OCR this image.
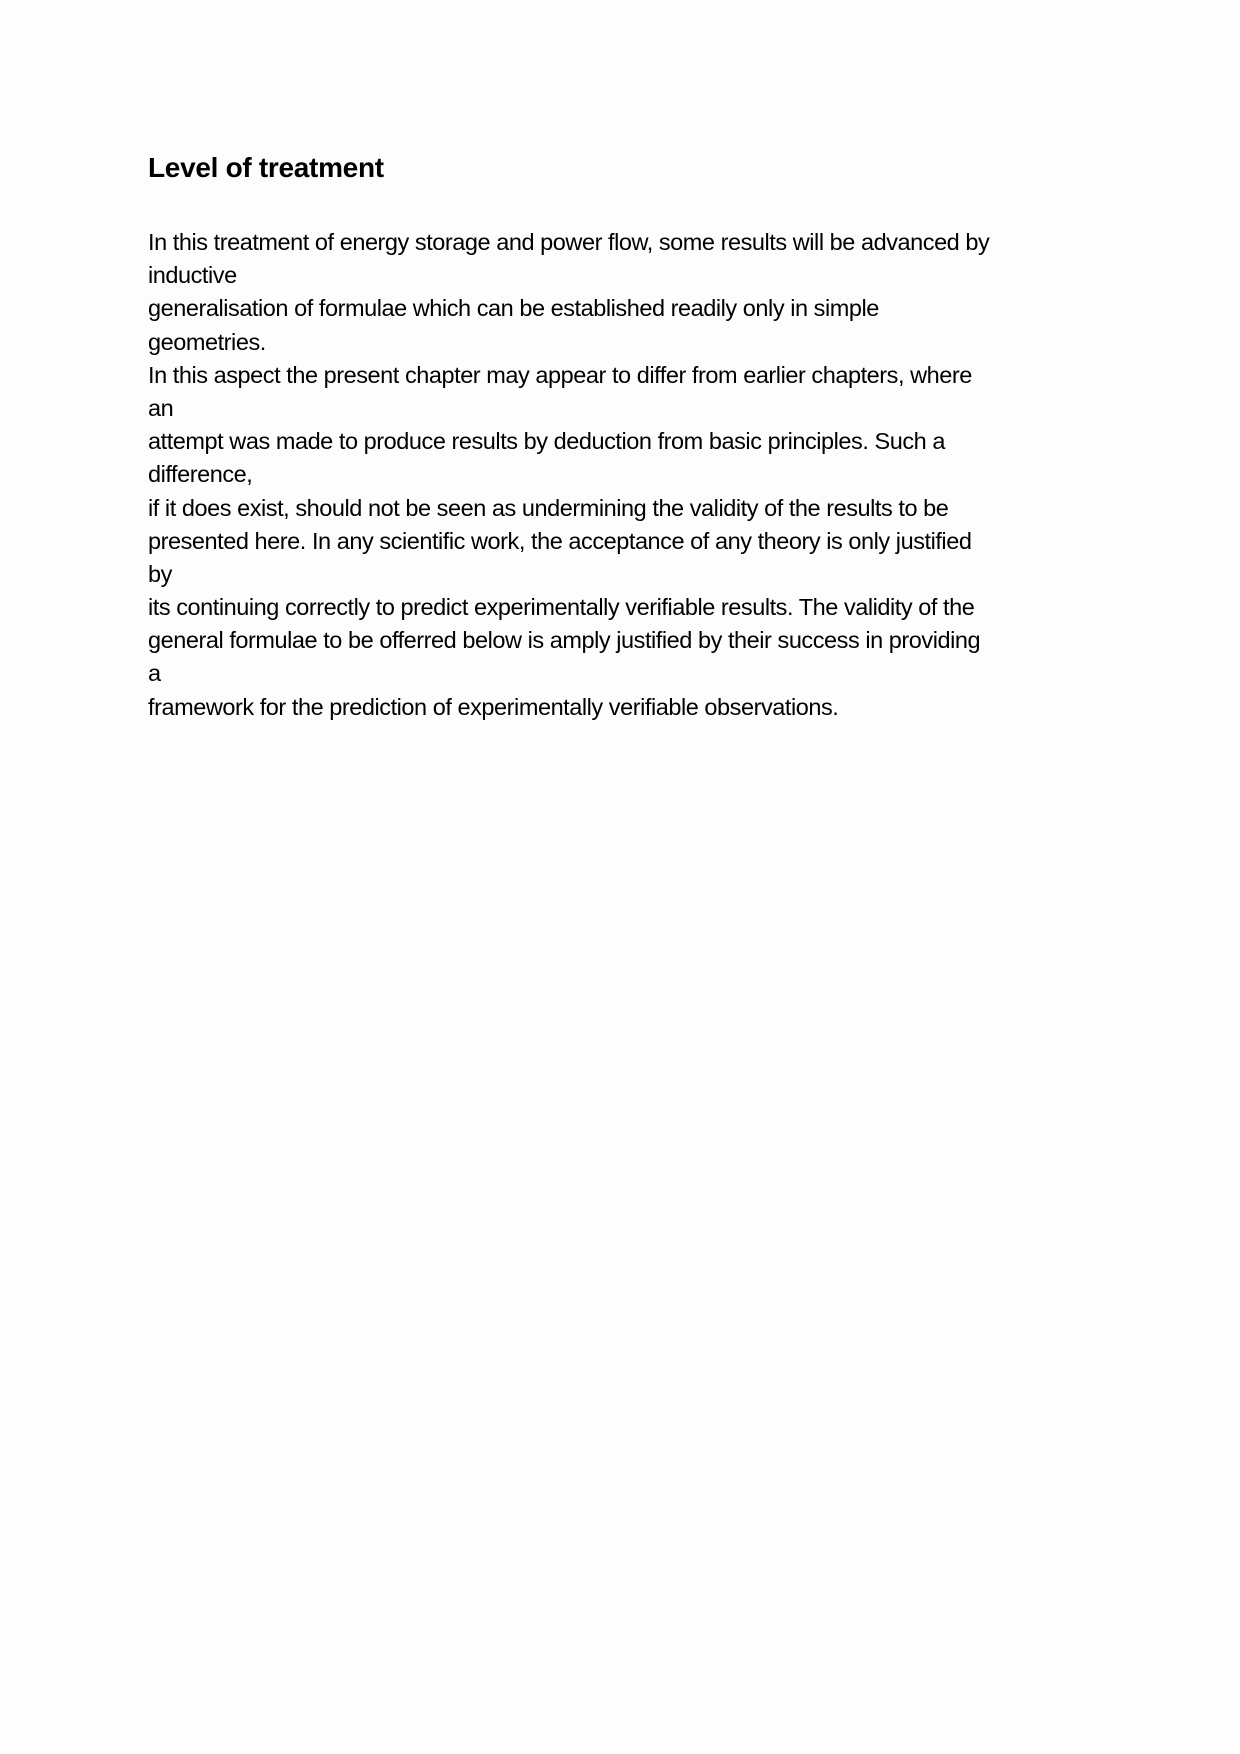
Level of treatment
In this treatment of energy storage and power flow, some results will be advanced by
inductive
generalisation of formulae which can be established readily only in simple
geometries.
In this aspect the present chapter may appear to differ from earlier chapters, where
an
attempt was made to produce results by deduction from basic principles. Such a
difference,
if it does exist, should not be seen as undermining the validity of the results to be
presented here. In any scientific work, the acceptance of any theory is only justified
by
its continuing correctly to predict experimentally verifiable results. The validity of the
general formulae to be offerred below is amply justified by their success in providing
a
framework for the prediction of experimentally verifiable observations.
